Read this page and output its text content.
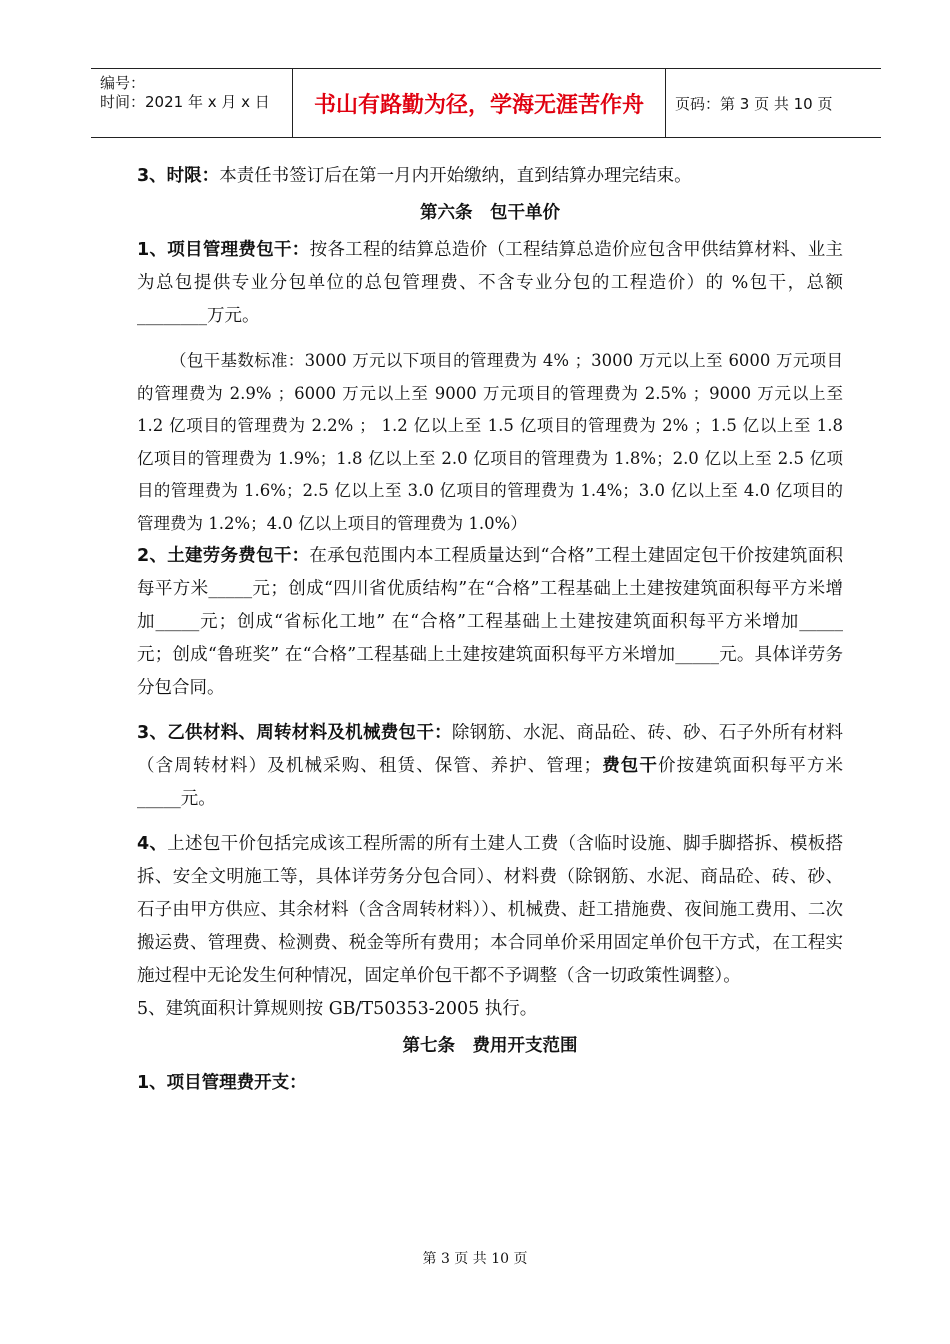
编号：
时间：2021 年 x 月 x 日	书山有路勤为径，学海无涯苦作舟	页码：第 3 页 共 10 页

3、时限：本责任书签订后在第一月内开始缴纳，直到结算办理完结束。

第六条　包干单价

1、项目管理费包干：按各工程的结算总造价（工程结算总造价应包含甲供结算材料、业主为总包提供专业分包单位的总包管理费、不含专业分包的工程造价）的 %包干，总额________万元。

（包干基数标准：3000 万元以下项目的管理费为 4% ；3000 万元以上至 6000 万元项目的管理费为 2.9% ；6000 万元以上至 9000 万元项目的管理费为 2.5% ；9000 万元以上至 1.2 亿项目的管理费为 2.2% ； 1.2 亿以上至 1.5 亿项目的管理费为 2% ；1.5 亿以上至 1.8 亿项目的管理费为 1.9%；1.8 亿以上至 2.0 亿项目的管理费为 1.8%；2.0 亿以上至 2.5 亿项目的管理费为 1.6%；2.5 亿以上至 3.0 亿项目的管理费为 1.4%；3.0 亿以上至 4.0 亿项目的管理费为 1.2%；4.0 亿以上项目的管理费为 1.0%）

2、土建劳务费包干：在承包范围内本工程质量达到“合格”工程土建固定包干价按建筑面积每平方米_____元；创成“四川省优质结构”在“合格”工程基础上土建按建筑面积每平方米增加_____元；创成“省标化工地” 在“合格”工程基础上土建按建筑面积每平方米增加_____元；创成“鲁班奖” 在“合格”工程基础上土建按建筑面积每平方米增加_____元。具体详劳务分包合同。

3、乙供材料、周转材料及机械费包干：除钢筋、水泥、商品砼、砖、砂、石子外所有材料（含周转材料）及机械采购、租赁、保管、养护、管理；费包干价按建筑面积每平方米_____元。

4、上述包干价包括完成该工程所需的所有土建人工费（含临时设施、脚手脚搭拆、模板搭拆、安全文明施工等，具体详劳务分包合同）、材料费（除钢筋、水泥、商品砼、砖、砂、石子由甲方供应、其余材料（含含周转材料））、机械费、赶工措施费、夜间施工费用、二次搬运费、管理费、检测费、税金等所有费用；本合同单价采用固定单价包干方式，在工程实施过程中无论发生何种情况，固定单价包干都不予调整（含一切政策性调整）。

5、建筑面积计算规则按 GB/T50353-2005 执行。

第七条　费用开支范围

1、项目管理费开支：

第 3 页 共 10 页
